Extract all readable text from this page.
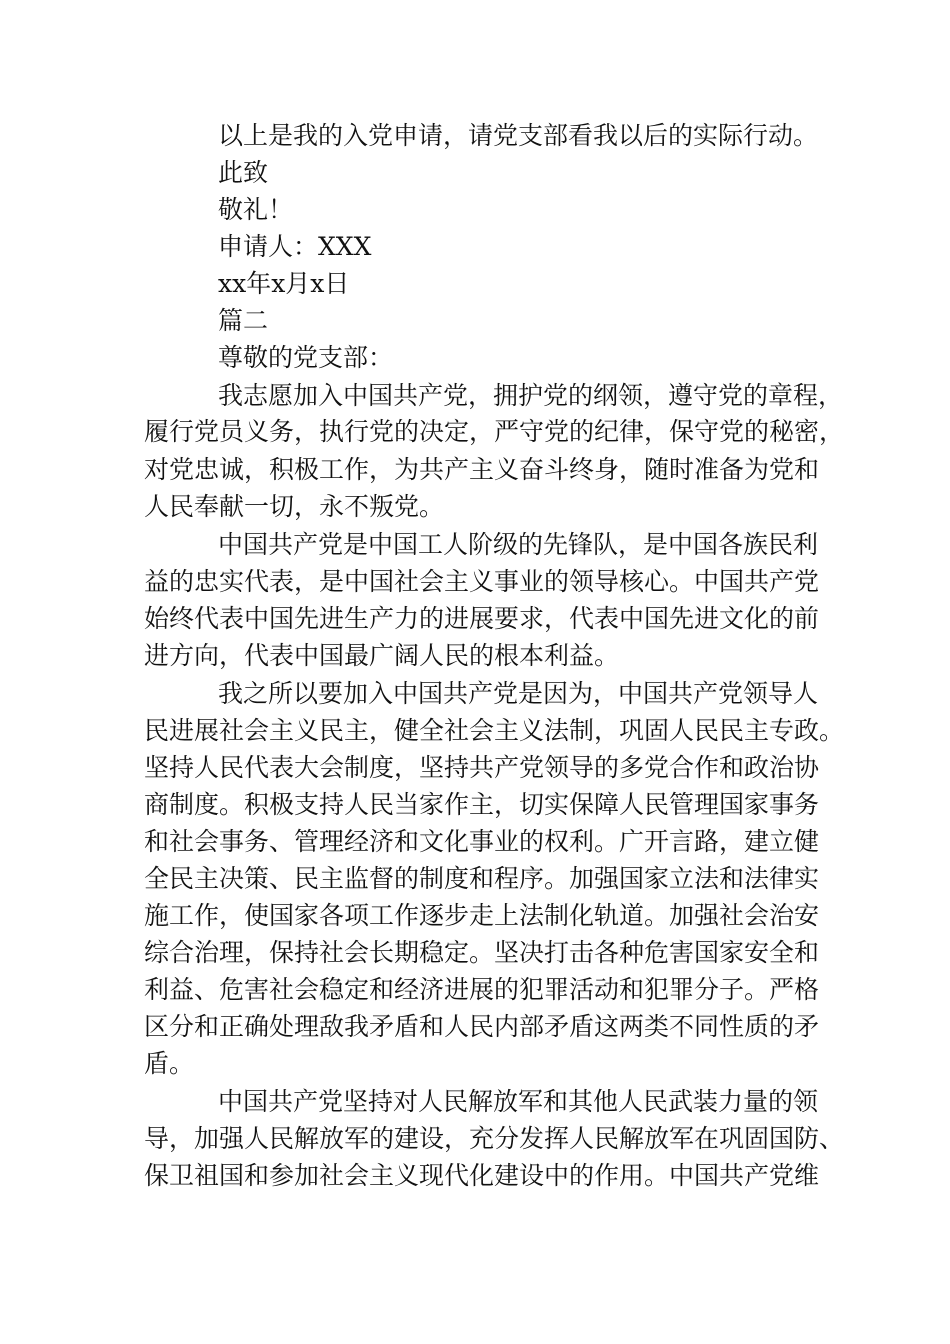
以上是我的入党申请，请党支部看我以后的实际行动。
此致
敬礼！
申请人：XXX
xx年x月x日
篇二
尊敬的党支部：
我志愿加入中国共产党，拥护党的纲领，遵守党的章程，
履行党员义务，执行党的决定，严守党的纪律，保守党的秘密，
对党忠诚，积极工作，为共产主义奋斗终身，随时准备为党和
人民奉献一切，永不叛党。
中国共产党是中国工人阶级的先锋队，是中国各族民利
益的忠实代表，是中国社会主义事业的领导核心。中国共产党
始终代表中国先进生产力的进展要求，代表中国先进文化的前
进方向，代表中国最广阔人民的根本利益。
我之所以要加入中国共产党是因为，中国共产党领导人
民进展社会主义民主，健全社会主义法制，巩固人民民主专政。
坚持人民代表大会制度，坚持共产党领导的多党合作和政治协
商制度。积极支持人民当家作主，切实保障人民管理国家事务
和社会事务、管理经济和文化事业的权利。广开言路，建立健
全民主决策、民主监督的制度和程序。加强国家立法和法律实
施工作，使国家各项工作逐步走上法制化轨道。加强社会治安
综合治理，保持社会长期稳定。坚决打击各种危害国家安全和
利益、危害社会稳定和经济进展的犯罪活动和犯罪分子。严格
区分和正确处理敌我矛盾和人民内部矛盾这两类不同性质的矛
盾。
中国共产党坚持对人民解放军和其他人民武装力量的领
导，加强人民解放军的建设，充分发挥人民解放军在巩固国防、
保卫祖国和参加社会主义现代化建设中的作用。中国共产党维
